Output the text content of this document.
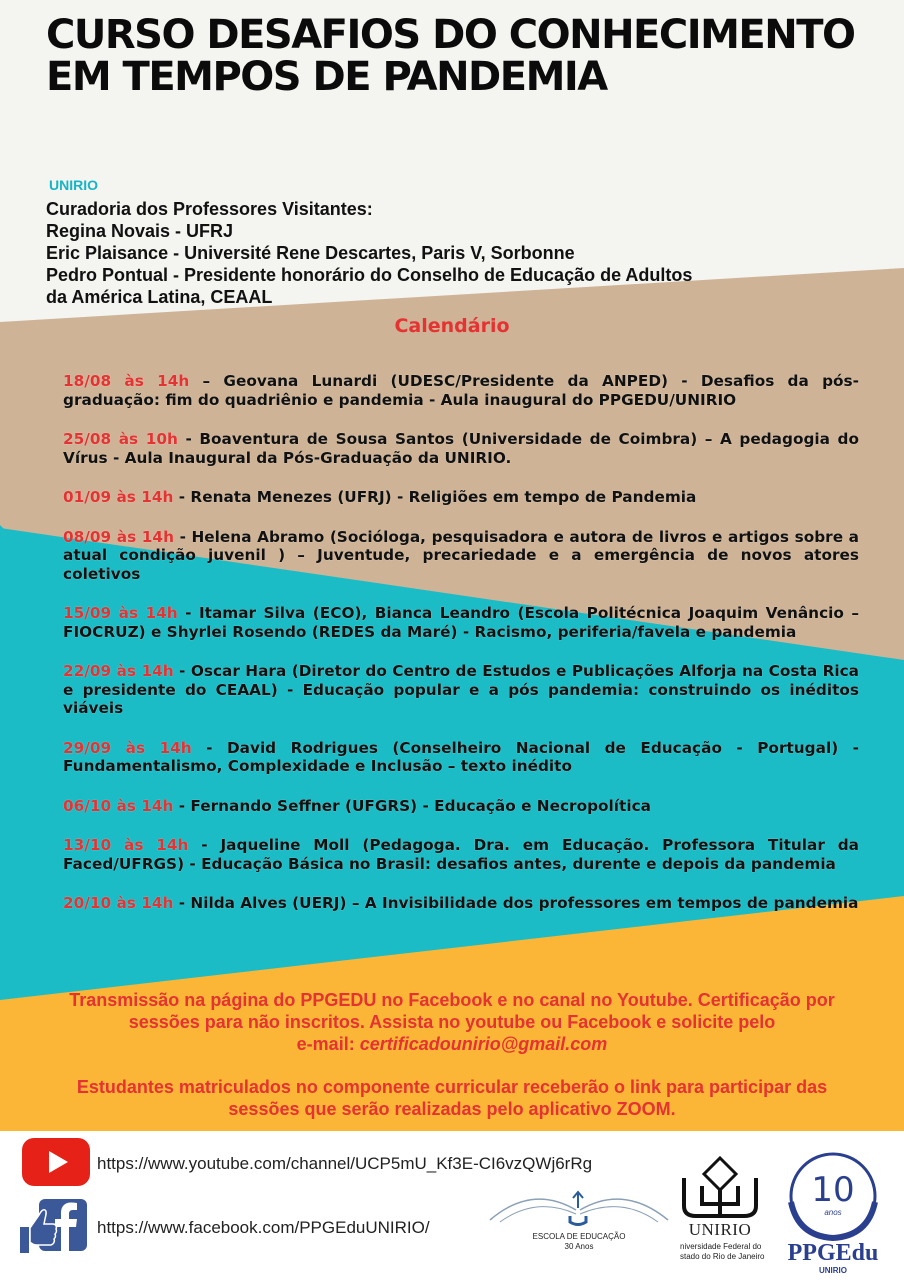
CURSO DESAFIOS DO CONHECIMENTO EM TEMPOS DE PANDEMIA
UNIRIO
Curadoria dos Professores Visitantes:
Regina Novais - UFRJ
Eric Plaisance - Université Rene Descartes, Paris V, Sorbonne
Pedro Pontual - Presidente honorário do Conselho de Educação de Adultos
da América Latina, CEAAL
Calendário

18/08 às 14h – Geovana Lunardi (UDESC/Presidente da ANPED) - Desafios da pós-graduação: fim do quadriênio e pandemia - Aula inaugural do PPGEDU/UNIRIO

25/08 às 10h - Boaventura de Sousa Santos (Universidade de Coimbra) – A pedagogia do Vírus - Aula Inaugural da Pós-Graduação da UNIRIO.

01/09 às 14h - Renata Menezes (UFRJ) - Religiões em tempo de Pandemia

08/09 às 14h - Helena Abramo (Socióloga, pesquisadora e autora de livros e artigos sobre a atual condição juvenil ) – Juventude, precariedade e a emergência de novos atores coletivos

15/09 às 14h - Itamar Silva (ECO), Bianca Leandro (Escola Politécnica Joaquim Venâncio – FIOCRUZ) e Shyrlei Rosendo (REDES da Maré) - Racismo, periferia/favela e pandemia

22/09 às 14h - Oscar Hara (Diretor do Centro de Estudos e Publicações Alforja na Costa Rica e presidente do CEAAL) - Educação popular e a pós pandemia: construindo os inéditos viáveis

29/09 às 14h - David Rodrigues (Conselheiro Nacional de Educação - Portugal) - Fundamentalismo, Complexidade e Inclusão – texto inédito

06/10 às 14h - Fernando Seffner (UFGRS) - Educação e Necropolítica

13/10 às 14h - Jaqueline Moll (Pedagoga. Dra. em Educação. Professora Titular da Faced/UFRGS) - Educação Básica no Brasil: desafios antes, durente e depois da pandemia

20/10 às 14h - Nilda Alves (UERJ) – A Invisibilidade dos professores em tempos de pandemia

Transmissão na página do PPGEDU no Facebook e no canal no Youtube. Certificação por sessões para não inscritos. Assista no youtube ou Facebook e solicite pelo
e-mail: certificadounirio@gmail.com
Estudantes matriculados no componente curricular receberão o link para participar das sessões que serão realizadas pelo aplicativo ZOOM.
https://www.youtube.com/channel/UCP5mU_Kf3E-CI6vzQWj6rRg
https://www.facebook.com/PPGEduUNIRIO/	ESCOLA DE EDUCAÇÃO
30 Anos
UNIRIO
niversidade Federal do
stado do Rio de Janeiro
10
anos
PPGEdu
UNIRIO
